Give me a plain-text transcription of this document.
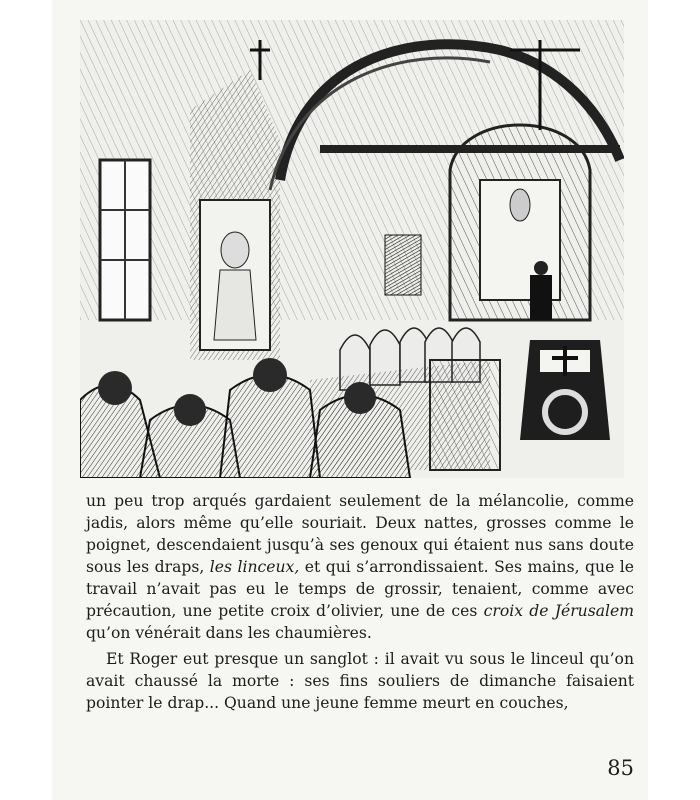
un peu trop arqués gardaient seulement de la mélancolie, comme jadis, alors même qu’elle souriait. Deux nattes, grosses comme le poignet, descendaient jusqu’à ses genoux qui étaient nus sans doute sous les draps, les linceux, et qui s’arrondissaient. Ses mains, que le travail n’avait pas eu le temps de grossir, tenaient, comme avec précaution, une petite croix d’olivier, une de ces croix de Jérusalem qu’on vénérait dans les chaumières.

Et Roger eut presque un sanglot : il avait vu sous le linceul qu’on avait chaussé la morte : ses fins souliers de dimanche faisaient pointer le drap... Quand une jeune femme meurt en couches,

85
